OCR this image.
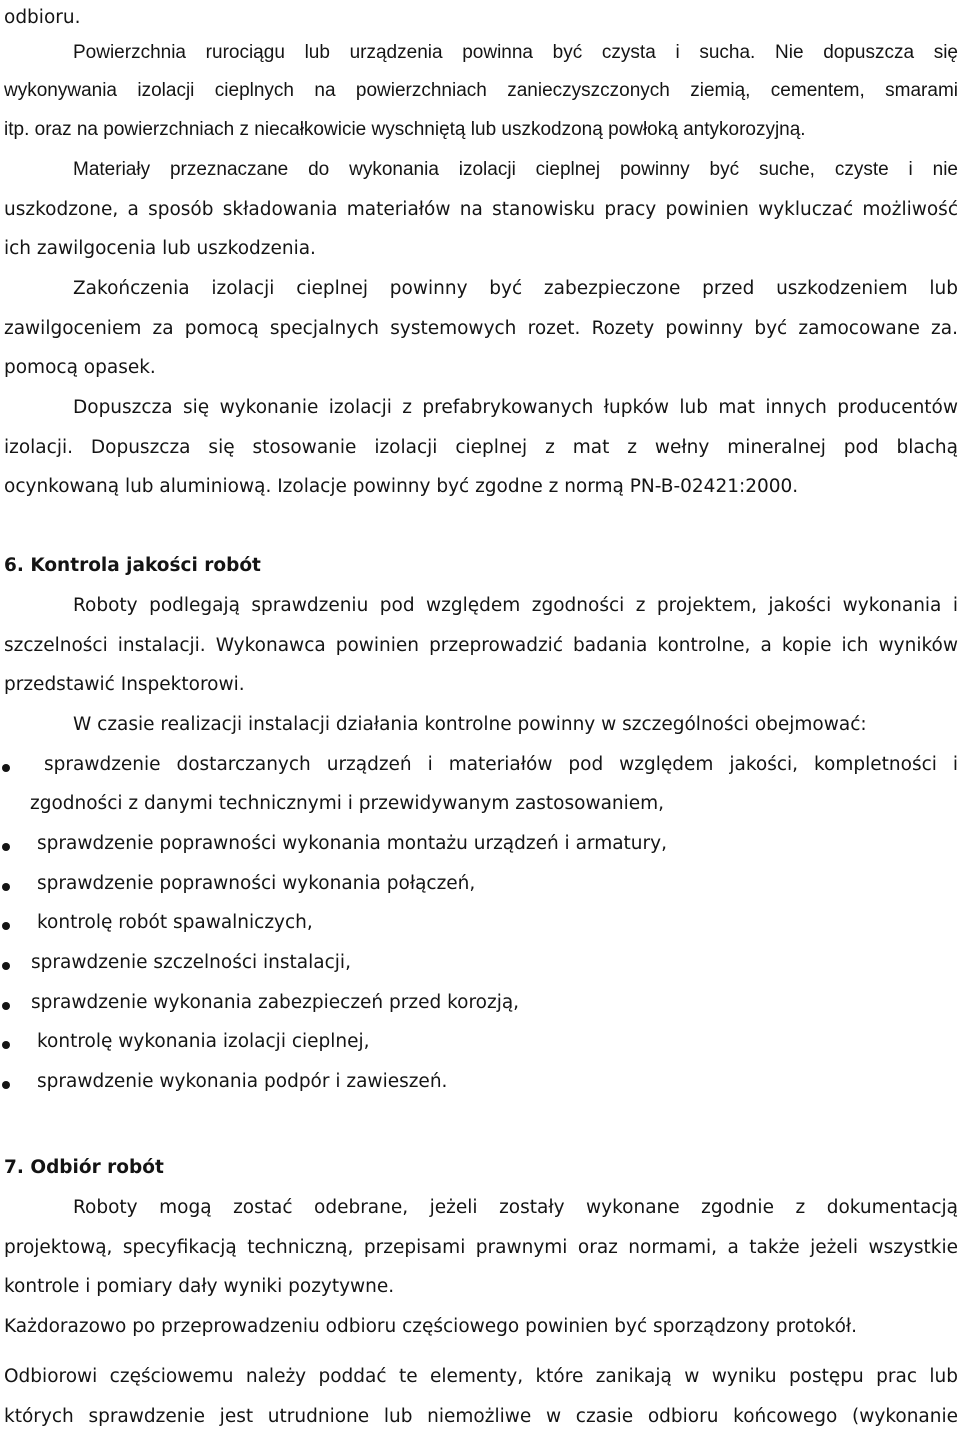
odbioru.
Powierzchnia rurociągu lub urządzenia powinna być czysta i sucha. Nie dopuszcza się
wykonywania izolacji cieplnych na powierzchniach zanieczyszczonych ziemią, cementem, smarami
itp. oraz na powierzchniach z niecałkowicie wyschniętą lub uszkodzoną powłoką antykorozyjną.
Materiały przeznaczane do wykonania izolacji cieplnej powinny być suche, czyste i nie
uszkodzone, a sposób składowania materiałów na stanowisku pracy powinien wykluczać możliwość
ich zawilgocenia lub uszkodzenia.
Zakończenia izolacji cieplnej powinny być zabezpieczone przed uszkodzeniem lub
zawilgoceniem za pomocą specjalnych systemowych rozet. Rozety powinny być zamocowane za.
pomocą opasek.
Dopuszcza się wykonanie izolacji z prefabrykowanych łupków lub mat innych producentów
izolacji. Dopuszcza się stosowanie izolacji cieplnej z mat z wełny mineralnej pod blachą
ocynkowaną lub aluminiową. Izolacje powinny być zgodne z normą PN-B-02421:2000.
6. Kontrola jakości robót
Roboty podlegają sprawdzeniu pod względem zgodności z projektem, jakości wykonania i
szczelności instalacji. Wykonawca powinien przeprowadzić badania kontrolne, a kopie ich wyników
przedstawić Inspektorowi.
W czasie realizacji instalacji działania kontrolne powinny w szczególności obejmować:
sprawdzenie dostarczanych urządzeń i materiałów pod względem jakości, kompletności i
zgodności z danymi technicznymi i przewidywanym zastosowaniem,
sprawdzenie poprawności wykonania montażu urządzeń i armatury,
sprawdzenie poprawności wykonania połączeń,
kontrolę robót spawalniczych,
sprawdzenie szczelności instalacji,
sprawdzenie wykonania zabezpieczeń przed korozją,
kontrolę wykonania izolacji cieplnej,
sprawdzenie wykonania podpór i zawieszeń.
7. Odbiór robót
Roboty mogą zostać odebrane, jeżeli zostały wykonane zgodnie z dokumentacją
projektową, specyfikacją techniczną, przepisami prawnymi oraz normami, a także jeżeli wszystkie
kontrole i pomiary dały wyniki pozytywne.
Każdorazowo po przeprowadzeniu odbioru częściowego powinien być sporządzony protokół.
Odbiorowi częściowemu należy poddać te elementy, które zanikają w wyniku postępu prac lub
których sprawdzenie jest utrudnione lub niemożliwe w czasie odbioru końcowego (wykonanie
